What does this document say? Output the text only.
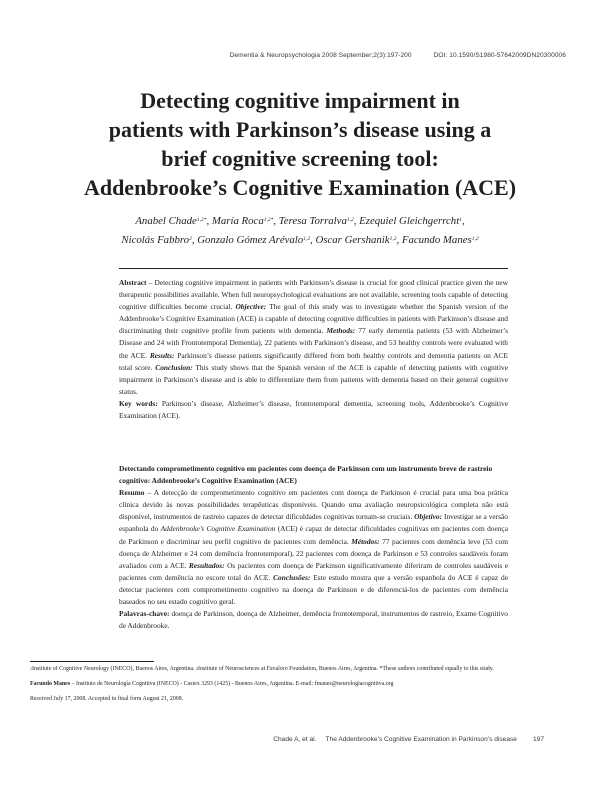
Dementia & Neuropsychologia 2008 September;2(3):197-200	DOI: 10.1590/S1980-57642009DN20300006
Detecting cognitive impairment in
patients with Parkinson’s disease using a
brief cognitive screening tool:
Addenbrooke’s Cognitive Examination (ACE)
Anabel Chade$^{1,2*}$, María Roca$^{1,2*}$, Teresa Torralva$^{1,2}$, Ezequiel Gleichgerrcht$^1$,
Nicolás Fabbro$^2$, Gonzalo Gómez Arévalo$^{1,2}$, Oscar Gershanik$^{1,2}$, Facundo Manes$^{1,2}$
Abstract – Detecting cognitive impairment in patients with Parkinson’s disease is crucial for good clinical practice given the new therapeutic possibilities available. When full neuropsychological evaluations are not available, screening tools capable of detecting cognitive difficulties become crucial. Objective: The goal of this study was to investigate whether the Spanish version of the Addenbrooke’s Cognitive Examination (ACE) is capable of detecting cognitive difficulties in patients with Parkinson’s disease and discriminating their cognitive profile from patients with dementia. Methods: 77 early dementia patients (53 with Alzheimer’s Disease and 24 with Frontotemporal Dementia), 22 patients with Parkinson’s disease, and 53 healthy controls were evaluated with the ACE. Results: Parkinson’s disease patients significantly differed from both healthy controls and dementia patients on ACE total score. Conclusion: This study shows that the Spanish version of the ACE is capable of detecting patients with cognitive impairment in Parkinson’s disease and is able to differentiate them from patients with dementia based on their general cognitive status.
Key words: Parkinson’s disease, Alzheimer’s disease, frontotemporal dementia, screening tools, Addenbrooke’s Cognitive Examination (ACE).
Detectando comprometimento cognitivo em pacientes com doença de Parkinson com um instrumento breve de rastreio cognitivo: Addenbrooke’s Cognitive Examination (ACE)
Resumo – A detecção de comprometimento cognitivo em pacientes com doença de Parkinson é crucial para uma boa prática clínica devido às novas possibilidades terapêuticas disponíveis. Quando uma avaliação neuropsicológica completa não está disponível, instrumentos de rastreio capazes de detectar dificuldades cognitivas tornam-se cruciais. Objetivo: Investigar se a versão espanhola do Addenbrooke’s Cognitive Examination (ACE) é capaz de detectar dificuldades cognitivas em pacientes com doença de Parkinson e discriminar seu perfil cognitivo de pacientes com demência. Métodos: 77 pacientes com demência leve (53 com doença de Alzheimer e 24 com demência frontotemporal), 22 pacientes com doença de Parkinson e 53 controles saudáveis foram avaliados com a ACE. Resultados: Os pacientes com doença de Parkinson significativamente diferiram de controles saudáveis e pacientes com demência no escore total do ACE. Conclusões: Este estudo mostra que a versão espanhola do ACE é capaz de detectar pacientes com comprometimento cognitivo na doença de Parkinson e de diferenciá-los de pacientes com demência baseados no seu estado cognitivo geral.
Palavras-chave: doença de Parkinson, doença de Alzheimer, demência frontotemporal, instrumentos de rastreio, Exame Cognitivo de Addenbrooke.
$^1$Institute of Cognitive Neurology (INECO), Buenos Aires, Argentina. $^2$Institute of Neurosciences at Favaloro Foundation, Buenos Aires, Argentina. *These authors contributed equally to this study.
Facundo Manes – Instituto de Neurología Cognitiva (INECO) - Castex 3293 (1425) - Buenos Aires, Argentina. E-mail: fmanes@neurologiacognitiva.org
Received July 17, 2008. Accepted in final form August 21, 2008.
Chade A, et al.     The Addenbrooke’s Cognitive Examination in Parkinson’s disease 197
